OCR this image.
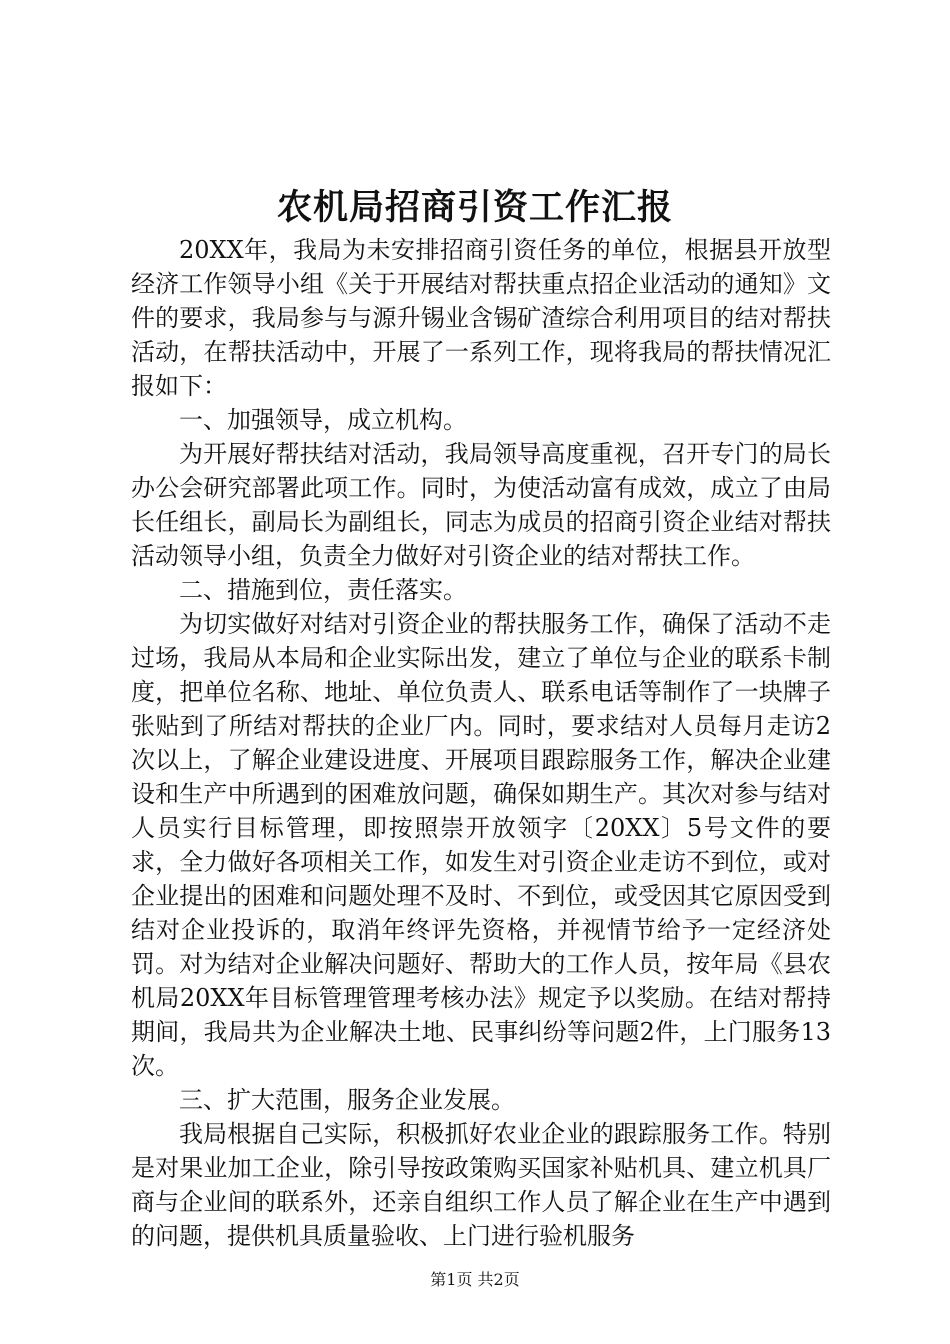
农机局招商引资工作汇报

20XX年，我局为未安排招商引资任务的单位，根据县开放型经济工作领导小组《关于开展结对帮扶重点招企业活动的通知》文件的要求，我局参与与源升锡业含锡矿渣综合利用项目的结对帮扶活动，在帮扶活动中，开展了一系列工作，现将我局的帮扶情况汇报如下：

一、加强领导，成立机构。

为开展好帮扶结对活动，我局领导高度重视，召开专门的局长办公会研究部署此项工作。同时，为使活动富有成效，成立了由局长任组长，副局长为副组长，同志为成员的招商引资企业结对帮扶活动领导小组，负责全力做好对引资企业的结对帮扶工作。

二、措施到位，责任落实。

为切实做好对结对引资企业的帮扶服务工作，确保了活动不走过场，我局从本局和企业实际出发，建立了单位与企业的联系卡制度，把单位名称、地址、单位负责人、联系电话等制作了一块牌子张贴到了所结对帮扶的企业厂内。同时，要求结对人员每月走访2次以上，了解企业建设进度、开展项目跟踪服务工作，解决企业建设和生产中所遇到的困难放问题，确保如期生产。其次对参与结对人员实行目标管理，即按照崇开放领字〔20XX〕5号文件的要求，全力做好各项相关工作，如发生对引资企业走访不到位，或对企业提出的困难和问题处理不及时、不到位，或受因其它原因受到结对企业投诉的，取消年终评先资格，并视情节给予一定经济处罚。对为结对企业解决问题好、帮助大的工作人员，按年局《县农机局20XX年目标管理管理考核办法》规定予以奖励。在结对帮持期间，我局共为企业解决土地、民事纠纷等问题2件，上门服务13次。

三、扩大范围，服务企业发展。

我局根据自己实际，积极抓好农业企业的跟踪服务工作。特别是对果业加工企业，除引导按政策购买国家补贴机具、建立机具厂商与企业间的联系外，还亲自组织工作人员了解企业在生产中遇到的问题，提供机具质量验收、上门进行验机服务

第1页 共2页
